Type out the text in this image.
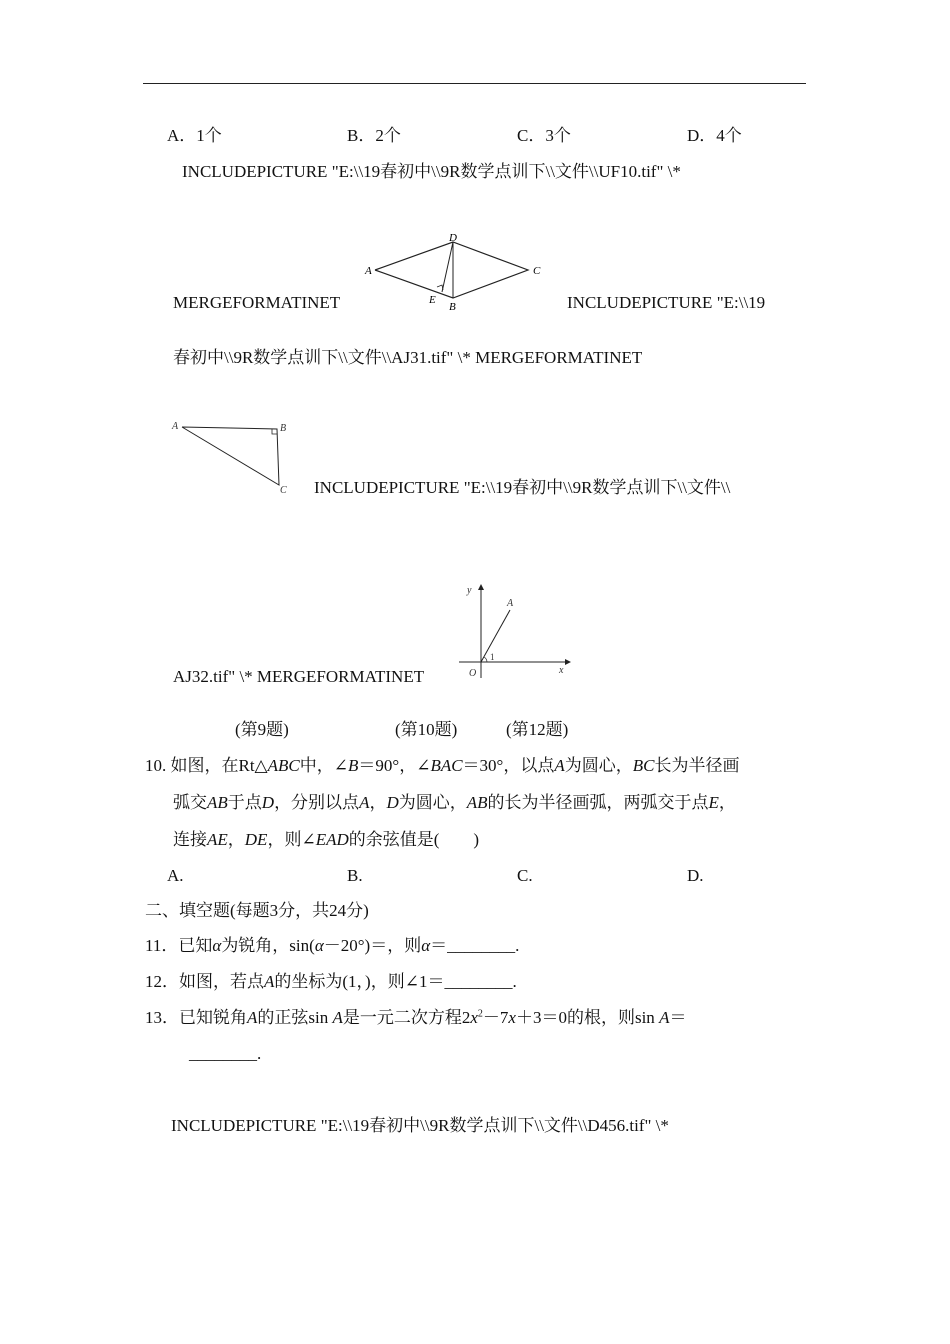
A．1个	B．2个	C．3个	D．4个
INCLUDEPICTURE "E:\\19春初中\\9R数学点训下\\文件\\UF10.tif" \*
A
D
C
B
E
MERGEFORMATINET	INCLUDEPICTURE "E:\\19
春初中\\9R数学点训下\\文件\\AJ31.tif" \* MERGEFORMATINET
A	B
C INCLUDEPICTURE "E:\\19春初中\\9R数学点训下\\文件\\
y
x
O
A
1
AJ32.tif" \* MERGEFORMATINET
(第9题)	(第10题)	(第12题)
10. 如图，在Rt△ABC中，∠B＝90°，∠BAC＝30°，以点A为圆心，BC长为半径画
弧交AB于点D，分别以点A，D为圆心，AB的长为半径画弧，两弧交于点E，
连接AE，DE，则∠EAD的余弦值是(　　)
A.	B.	C.	D.
二、填空题(每题3分，共24分)
11．已知α为锐角，sin(α－20°)＝，则α＝________.
12．如图，若点A的坐标为(1，)，则∠1＝________.
13．已知锐角A的正弦sin A是一元二次方程$2x^2-7x+3=0$的根，则sin A＝
________.
INCLUDEPICTURE "E:\\19春初中\\9R数学点训下\\文件\\D456.tif" \*
